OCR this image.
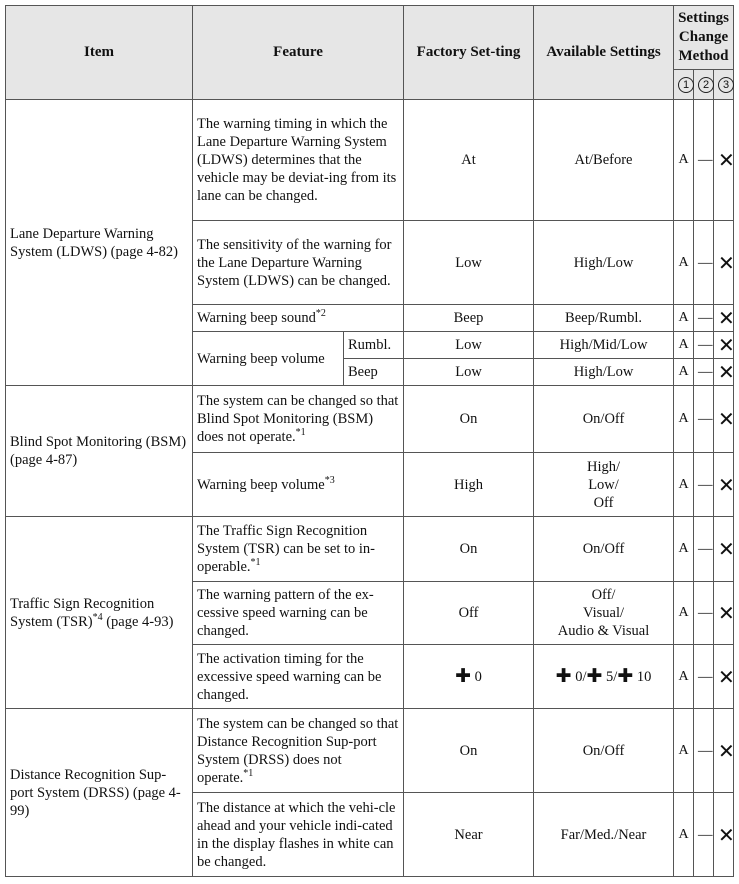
Item	Feature		Factory Set-ting	Available Settings	Settings Change Method		
					1	2	3
Lane Departure Warning System (LDWS) (page 4-82)	The warning timing in which the Lane Departure Warning System (LDWS) determines that the vehicle may be deviat-ing from its lane can be changed.		At	At/Before	A	—	✕
	The sensitivity of the warning for the Lane Departure Warning System (LDWS) can be changed.		Low	High/Low	A	—	✕
	Warning beep sound$^{*2}$		Beep	Beep/Rumbl.	A	—	✕
	Warning beep volume	Rumbl.	Low	High/Mid/Low	A	—	✕
		Beep	Low	High/Low	A	—	✕
Blind Spot Monitoring (BSM) (page 4-87)	The system can be changed so that Blind Spot Monitoring (BSM) does not operate.$^{*1}$		On	On/Off	A	—	✕
	Warning beep volume$^{*3}$		High	High/
Low/
Off	A	—	✕
Traffic Sign Recognition System (TSR)$^{*4}$ (page 4-93)	The Traffic Sign Recognition System (TSR) can be set to in-operable.$^{*1}$		On	On/Off	A	—	✕
	The warning pattern of the ex-cessive speed warning can be changed.		Off	Off/
Visual/
Audio & Visual	A	—	✕
	The activation timing for the excessive speed warning can be changed.		✚ 0	✚ 0/✚ 5/✚ 10	A	—	✕
Distance Recognition Sup-port System (DRSS) (page 4-99)	The system can be changed so that Distance Recognition Sup-port System (DRSS) does not operate.$^{*1}$		On	On/Off	A	—	✕
	The distance at which the vehi-cle ahead and your vehicle indi-cated in the display flashes in white can be changed.		Near	Far/Med./Near	A	—	✕
